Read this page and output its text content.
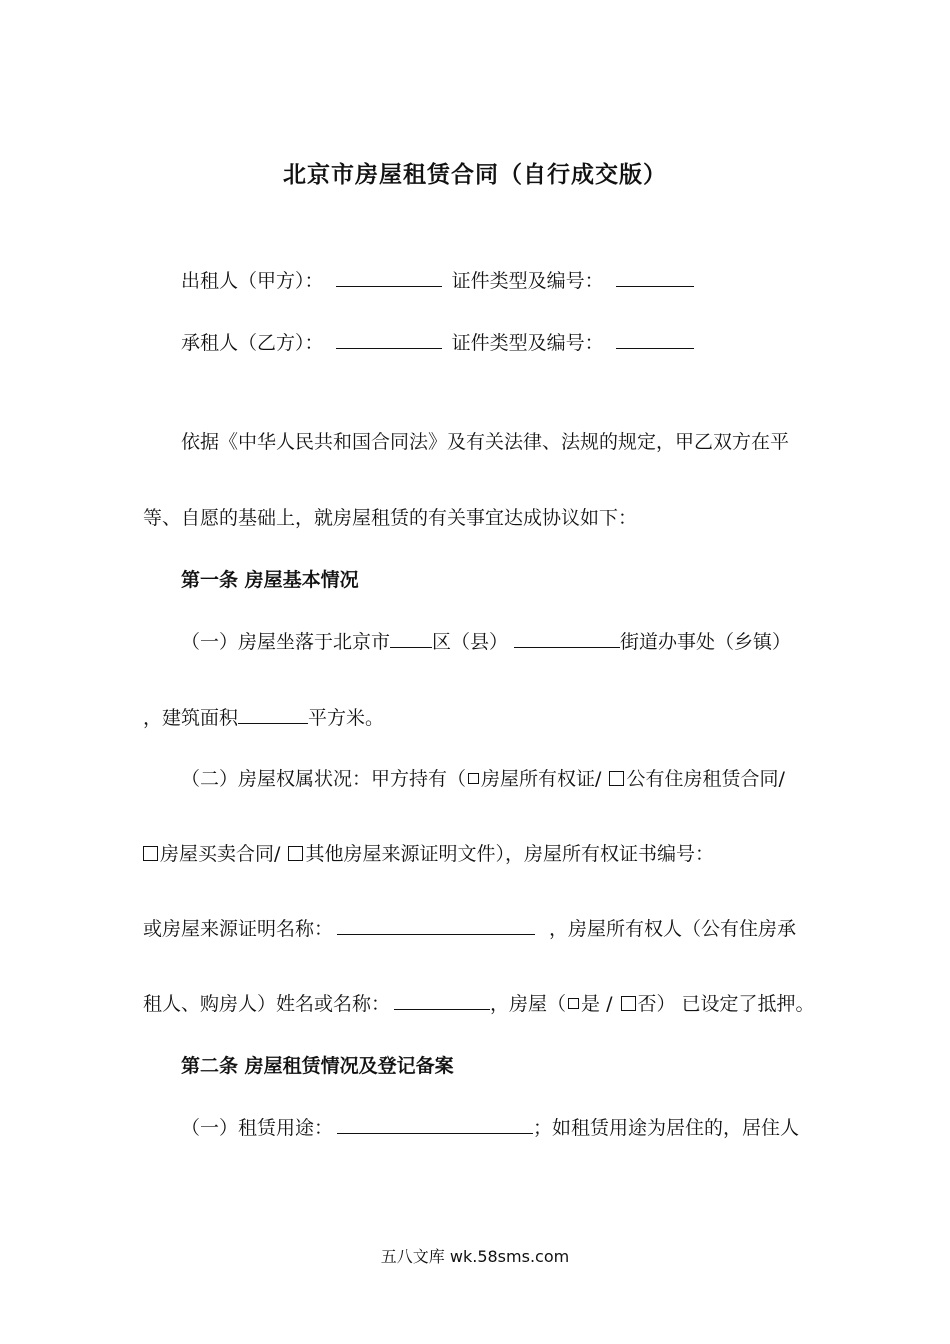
北京市房屋租赁合同（自行成交版）
出租人（甲方）：	证件类型及编号：
承租人（乙方）：	证件类型及编号：
依据《中华人民共和国合同法》及有关法律、法规的规定，甲乙双方在平
等、自愿的基础上，就房屋租赁的有关事宜达成协议如下：
第一条 房屋基本情况
（一）房屋坐落于北京市 区（县）	街道办事处（乡镇）
，建筑面积	平方米。
（二）房屋权属状况：甲方持有（ 房屋所有权证/ 公有住房租赁合同/
房屋买卖合同/ 其他房屋来源证明文件），房屋所有权证书编号：
或房屋来源证明名称：	，房屋所有权人（公有住房承
租人、购房人）姓名或名称：	，房屋（ 是 / 否） 已设定了抵押。
第二条 房屋租赁情况及登记备案
（一）租赁用途：	；如租赁用途为居住的，居住人
五八文库 wk.58sms.com
